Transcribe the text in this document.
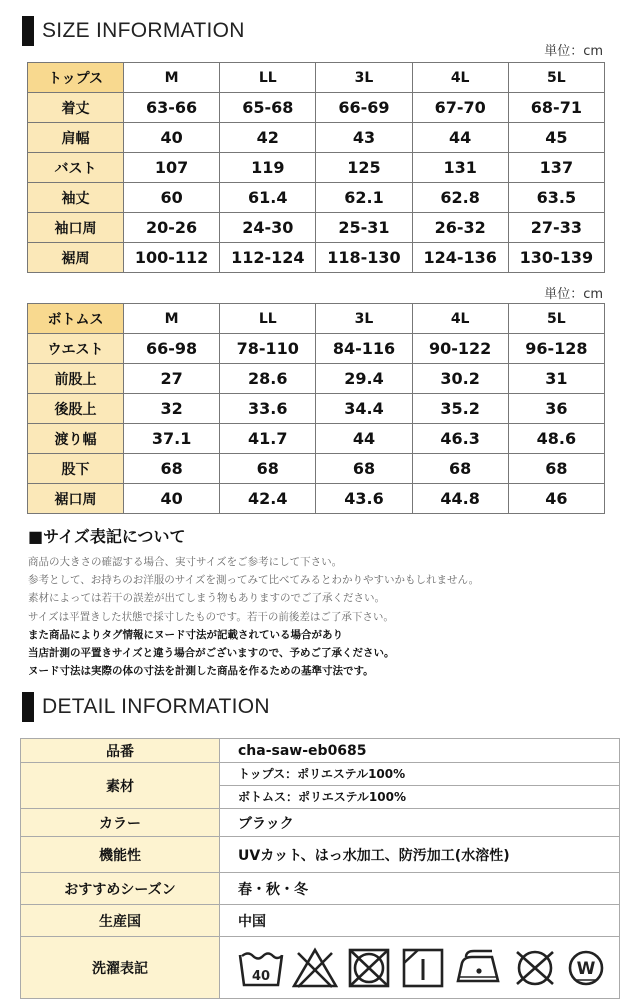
SIZE INFORMATION
単位：cm
トップス	M	LL	3L	4L	5L
着丈	63-66	65-68	66-69	67-70	68-71
肩幅	40	42	43	44	45
バスト	107	119	125	131	137
袖丈	60	61.4	62.1	62.8	63.5
袖口周	20-26	24-30	25-31	26-32	27-33
裾周	100-112	112-124	118-130	124-136	130-139
単位：cm
ボトムス	M	LL	3L	4L	5L
ウエスト	66-98	78-110	84-116	90-122	96-128
前股上	27	28.6	29.4	30.2	31
後股上	32	33.6	34.4	35.2	36
渡り幅	37.1	41.7	44	46.3	48.6
股下	68	68	68	68	68
裾口周	40	42.4	43.6	44.8	46
■サイズ表記について
商品の大きさの確認する場合、実寸サイズをご参考にして下さい。
参考として、お持ちのお洋服のサイズを測ってみて比べてみるとわかりやすいかもしれません。
素材によっては若干の誤差が出てしまう物もありますのでご了承ください。
サイズは平置きした状態で採寸したものです。若干の前後差はご了承下さい。
また商品によりタグ情報にヌード寸法が記載されている場合があり
当店計測の平置きサイズと違う場合がございますので、予めご了承ください。
ヌード寸法は実際の体の寸法を計測した商品を作るための基準寸法です。
DETAIL INFORMATION
品番	cha-saw-eb0685
素材	トップス：ポリエステル100%
ボトムス：ポリエステル100%

カラー	ブラック
機能性	UVカット、はっ水加工、防汚加工(水溶性)
おすすめシーズン	春・秋・冬
生産国	中国
洗濯表記	40 W
